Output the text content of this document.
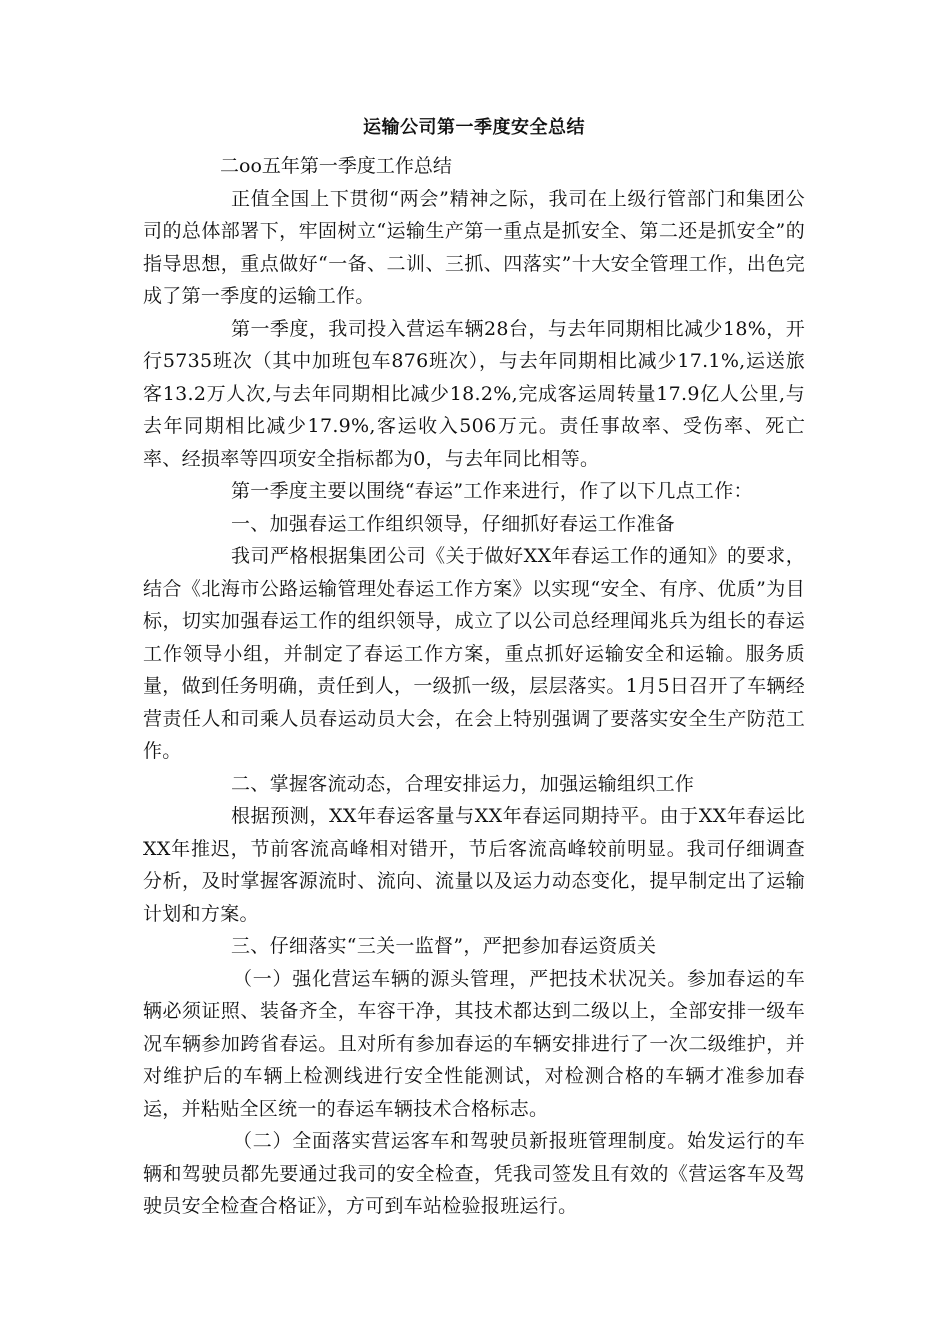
运输公司第一季度安全总结
二oo五年第一季度工作总结

正值全国上下贯彻“两会”精神之际，我司在上级行管部门和集团公司的总体部署下，牢固树立“运输生产第一重点是抓安全、第二还是抓安全”的指导思想，重点做好“一备、二训、三抓、四落实”十大安全管理工作，出色完成了第一季度的运输工作。

第一季度，我司投入营运车辆28台，与去年同期相比减少18%，开行5735班次（其中加班包车876班次），与去年同期相比减少17.1%,运送旅客13.2万人次,与去年同期相比减少18.2%,完成客运周转量17.9亿人公里,与去年同期相比减少17.9%,客运收入506万元。责任事故率、受伤率、死亡率、经损率等四项安全指标都为0，与去年同比相等。

第一季度主要以围绕“春运”工作来进行，作了以下几点工作：

一、加强春运工作组织领导，仔细抓好春运工作准备

我司严格根据集团公司《关于做好XX年春运工作的通知》的要求，结合《北海市公路运输管理处春运工作方案》以实现“安全、有序、优质”为目标，切实加强春运工作的组织领导，成立了以公司总经理闻兆兵为组长的春运工作领导小组，并制定了春运工作方案，重点抓好运输安全和运输。服务质量，做到任务明确，责任到人，一级抓一级，层层落实。1月5日召开了车辆经营责任人和司乘人员春运动员大会，在会上特别强调了要落实安全生产防范工作。

二、掌握客流动态，合理安排运力，加强运输组织工作

根据预测，XX年春运客量与XX年春运同期持平。由于XX年春运比XX年推迟，节前客流高峰相对错开，节后客流高峰较前明显。我司仔细调查分析，及时掌握客源流时、流向、流量以及运力动态变化，提早制定出了运输计划和方案。

三、仔细落实“三关一监督”，严把参加春运资质关

（一）强化营运车辆的源头管理，严把技术状况关。参加春运的车辆必须证照、装备齐全，车容干净，其技术都达到二级以上，全部安排一级车况车辆参加跨省春运。且对所有参加春运的车辆安排进行了一次二级维护，并对维护后的车辆上检测线进行安全性能测试，对检测合格的车辆才准参加春运，并粘贴全区统一的春运车辆技术合格标志。

（二）全面落实营运客车和驾驶员新报班管理制度。始发运行的车辆和驾驶员都先要通过我司的安全检查，凭我司签发且有效的《营运客车及驾驶员安全检查合格证》，方可到车站检验报班运行。
